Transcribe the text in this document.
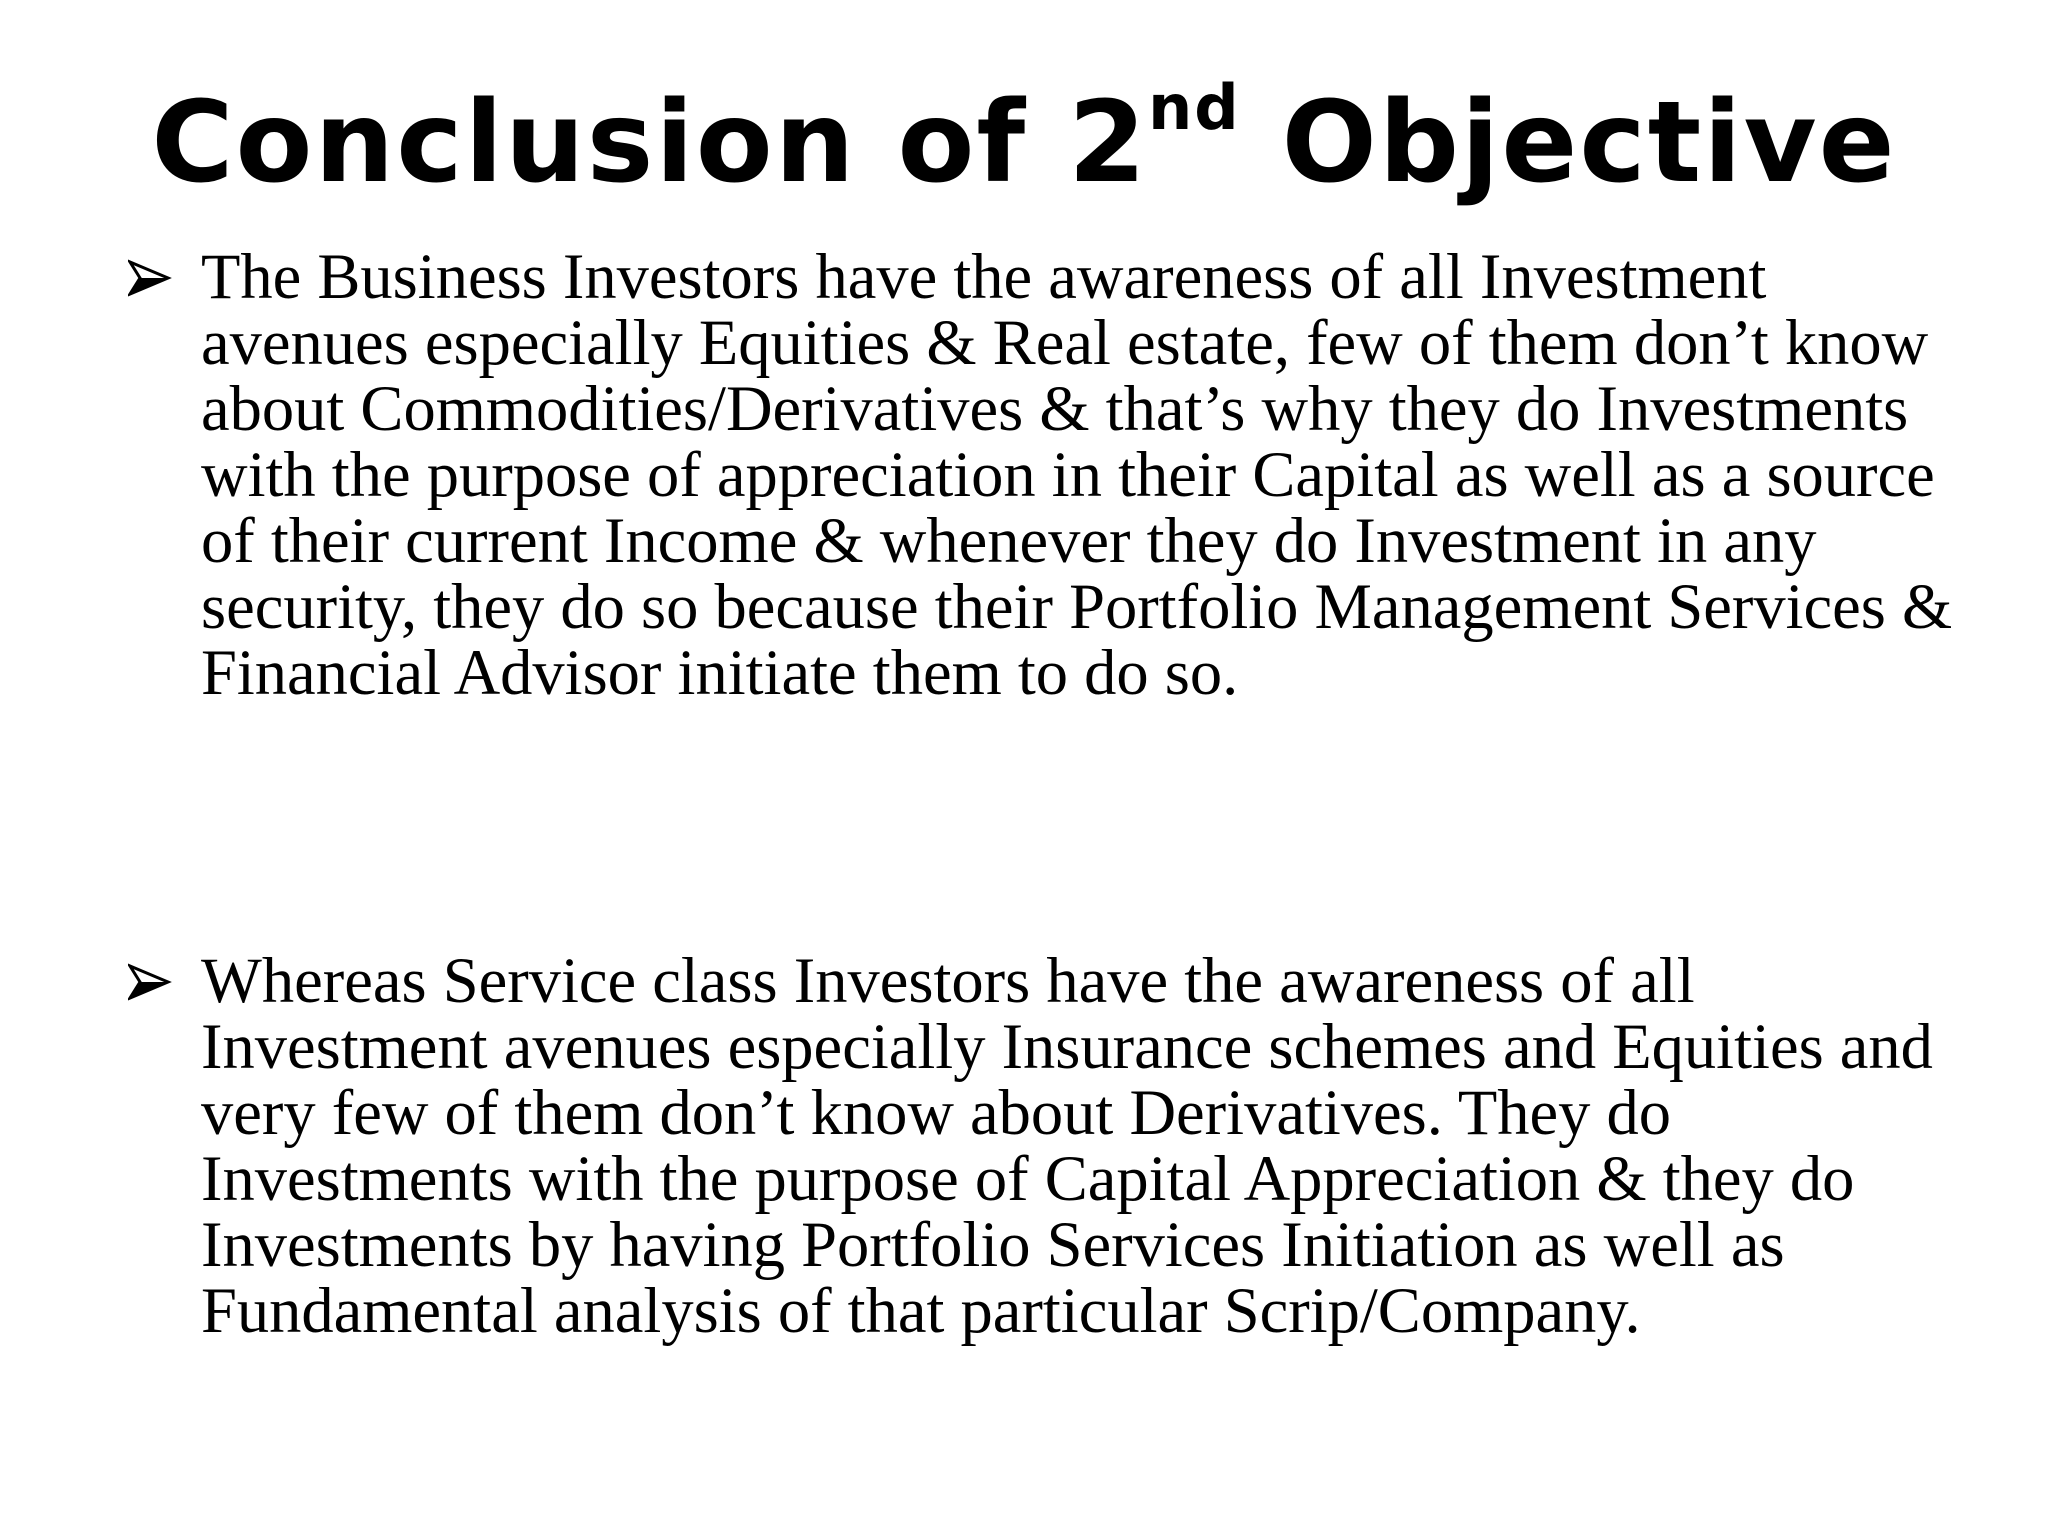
Conclusion of 2nd Objective

The Business Investors have the awareness of all Investment avenues especially Equities & Real estate, few of them don’t know about Commodities/Derivatives & that’s why they do Investments with the purpose of appreciation in their Capital as well as a source of their current Income & whenever they do Investment in any security, they do so because their Portfolio Management Services & Financial Advisor initiate them to do so.

Whereas Service class Investors have the awareness of all Investment avenues especially Insurance schemes and Equities and very few of them don’t know about Derivatives. They do Investments with the purpose of Capital Appreciation & they do Investments by having Portfolio Services Initiation as well as Fundamental analysis of that particular Scrip/Company.
